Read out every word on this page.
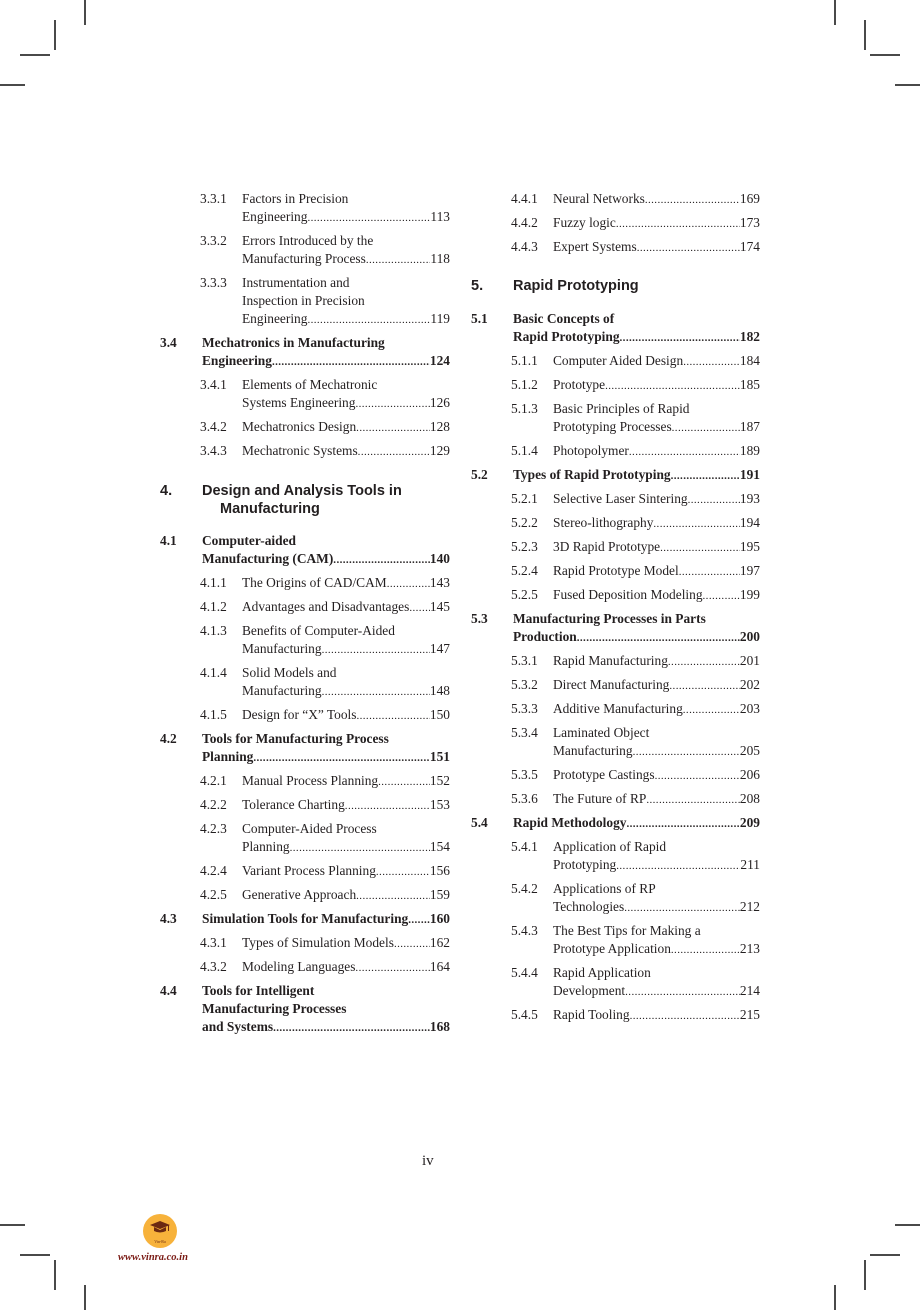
3.3.1 Factors in Precision
Engineering .....	113
3.3.2 Errors Introduced by the
Manufacturing Process .....	118
3.3.3 Instrumentation and
Inspection in Precision
Engineering .....	119
3.4 Mechatronics in Manufacturing
Engineering .....	124
3.4.1 Elements of Mechatronic
Systems Engineering .....	126
3.4.2 Mechatronics Design .....	128
3.4.3 Mechatronic Systems .....	129
4. Design and Analysis Tools in
Manufacturing
4.1 Computer-aided
Manufacturing (CAM) .....	140
4.1.1 The Origins of CAD/CAM .....	143
4.1.2 Advantages and Disadvantages ..... 145
4.1.3 Benefits of Computer-Aided
Manufacturing .....	147
4.1.4 Solid Models and
Manufacturing .....	148
4.1.5 Design for “X” Tools .....	150
4.2 Tools for Manufacturing Process
Planning .....	151
4.2.1 Manual Process Planning .....	152
4.2.2 Tolerance Charting .....	153
4.2.3 Computer-Aided Process
Planning .....	154
4.2.4 Variant Process Planning .....	156
4.2.5 Generative Approach .....	159
4.3 Simulation Tools for Manufacturing ..... 160
4.3.1 Types of Simulation Models .....	162
4.3.2 Modeling Languages .....	164
4.4 Tools for Intelligent
Manufacturing Processes
and Systems .....	168
4.4.1 Neural Networks .....	169
4.4.2 Fuzzy logic .....	173
4.4.3 Expert Systems .....	174
5. Rapid Prototyping
5.1 Basic Concepts of
Rapid Prototyping .....	182
5.1.1 Computer Aided Design .....	184
5.1.2 Prototype .....	185
5.1.3 Basic Principles of Rapid
Prototyping Processes .....	187
5.1.4 Photopolymer .....	189
5.2 Types of Rapid Prototyping .....	191
5.2.1 Selective Laser Sintering .....	193
5.2.2 Stereo-lithography .....	194
5.2.3 3D Rapid Prototype .....	195
5.2.4 Rapid Prototype Model .....	197
5.2.5 Fused Deposition Modeling .....	199
5.3 Manufacturing Processes in Parts
Production .....	200
5.3.1 Rapid Manufacturing .....	201
5.3.2 Direct Manufacturing .....	202
5.3.3 Additive Manufacturing .....	203
5.3.4 Laminated Object
Manufacturing .....	205
5.3.5 Prototype Castings .....	206
5.3.6 The Future of RP .....	208
5.4 Rapid Methodology .....	209
5.4.1 Application of Rapid
Prototyping .....	211
5.4.2 Applications of RP
Technologies .....	212
5.4.3 The Best Tips for Making a
Prototype Application .....	213
5.4.4 Rapid Application
Development .....	214
5.4.5 Rapid Tooling .....	215
iv
Vin-Ra
www.vinra.co.in
